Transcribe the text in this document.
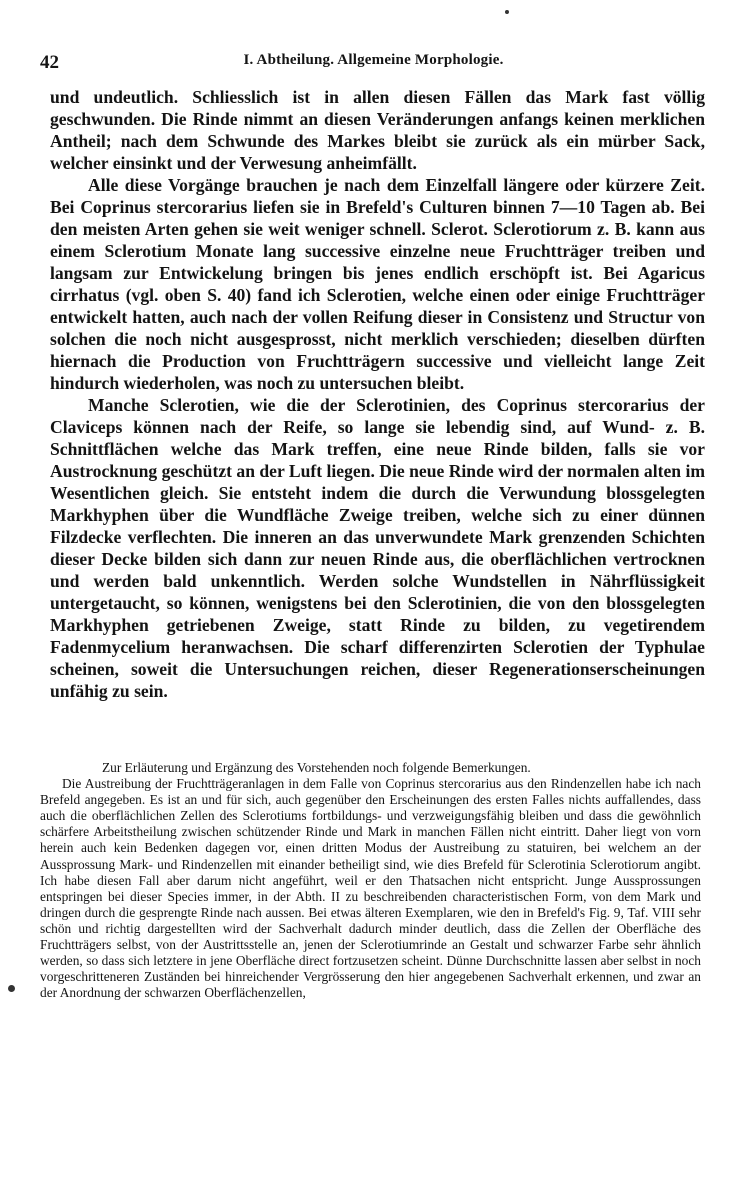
42	I. Abtheilung. Allgemeine Morphologie.

und undeutlich. Schliesslich ist in allen diesen Fällen das Mark fast völlig geschwunden. Die Rinde nimmt an diesen Veränderungen anfangs keinen merklichen Antheil; nach dem Schwunde des Markes bleibt sie zurück als ein mürber Sack, welcher einsinkt und der Verwesung anheimfällt.

Alle diese Vorgänge brauchen je nach dem Einzelfall längere oder kürzere Zeit. Bei Coprinus stercorarius liefen sie in Brefeld's Culturen binnen 7—10 Tagen ab. Bei den meisten Arten gehen sie weit weniger schnell. Sclerot. Sclerotiorum z. B. kann aus einem Sclerotium Monate lang successive einzelne neue Fruchtträger treiben und langsam zur Entwickelung bringen bis jenes endlich erschöpft ist. Bei Agaricus cirrhatus (vgl. oben S. 40) fand ich Sclerotien, welche einen oder einige Fruchtträger entwickelt hatten, auch nach der vollen Reifung dieser in Consistenz und Structur von solchen die noch nicht ausgesprosst, nicht merklich verschieden; dieselben dürften hiernach die Production von Fruchtträgern successive und vielleicht lange Zeit hindurch wiederholen, was noch zu untersuchen bleibt.

Manche Sclerotien, wie die der Sclerotinien, des Coprinus stercorarius der Claviceps können nach der Reife, so lange sie lebendig sind, auf Wund- z. B. Schnittflächen welche das Mark treffen, eine neue Rinde bilden, falls sie vor Austrocknung geschützt an der Luft liegen. Die neue Rinde wird der normalen alten im Wesentlichen gleich. Sie entsteht indem die durch die Verwundung blossgelegten Markhyphen über die Wundfläche Zweige treiben, welche sich zu einer dünnen Filzdecke verflechten. Die inneren an das unverwundete Mark grenzenden Schichten dieser Decke bilden sich dann zur neuen Rinde aus, die oberflächlichen vertrocknen und werden bald unkenntlich. Werden solche Wundstellen in Nährflüssigkeit untergetaucht, so können, wenigstens bei den Sclerotinien, die von den blossgelegten Markhyphen getriebenen Zweige, statt Rinde zu bilden, zu vegetirendem Fadenmycelium heranwachsen. Die scharf differenzirten Sclerotien der Typhulae scheinen, soweit die Untersuchungen reichen, dieser Regenerationserscheinungen unfähig zu sein.

Zur Erläuterung und Ergänzung des Vorstehenden noch folgende Bemerkungen.

Die Austreibung der Fruchtträgeranlagen in dem Falle von Coprinus stercorarius aus den Rindenzellen habe ich nach Brefeld angegeben. Es ist an und für sich, auch gegenüber den Erscheinungen des ersten Falles nichts auffallendes, dass auch die oberflächlichen Zellen des Sclerotiums fortbildungs- und verzweigungsfähig bleiben und dass die gewöhnlich schärfere Arbeitstheilung zwischen schützender Rinde und Mark in manchen Fällen nicht eintritt. Daher liegt von vorn herein auch kein Bedenken dagegen vor, einen dritten Modus der Austreibung zu statuiren, bei welchem an der Aussprossung Mark- und Rindenzellen mit einander betheiligt sind, wie dies Brefeld für Sclerotinia Sclerotiorum angibt. Ich habe diesen Fall aber darum nicht angeführt, weil er den Thatsachen nicht entspricht. Junge Aussprossungen entspringen bei dieser Species immer, in der Abth. II zu beschreibenden characteristischen Form, von dem Mark und dringen durch die gesprengte Rinde nach aussen. Bei etwas älteren Exemplaren, wie den in Brefeld's Fig. 9, Taf. VIII sehr schön und richtig dargestellten wird der Sachverhalt dadurch minder deutlich, dass die Zellen der Oberfläche des Fruchtträgers selbst, von der Austrittsstelle an, jenen der Sclerotiumrinde an Gestalt und schwarzer Farbe sehr ähnlich werden, so dass sich letztere in jene Oberfläche direct fortzusetzen scheint. Dünne Durchschnitte lassen aber selbst in noch vorgeschritteneren Zuständen bei hinreichender Vergrösserung den hier angegebenen Sachverhalt erkennen, und zwar an der Anordnung der schwarzen Oberflächenzellen,
